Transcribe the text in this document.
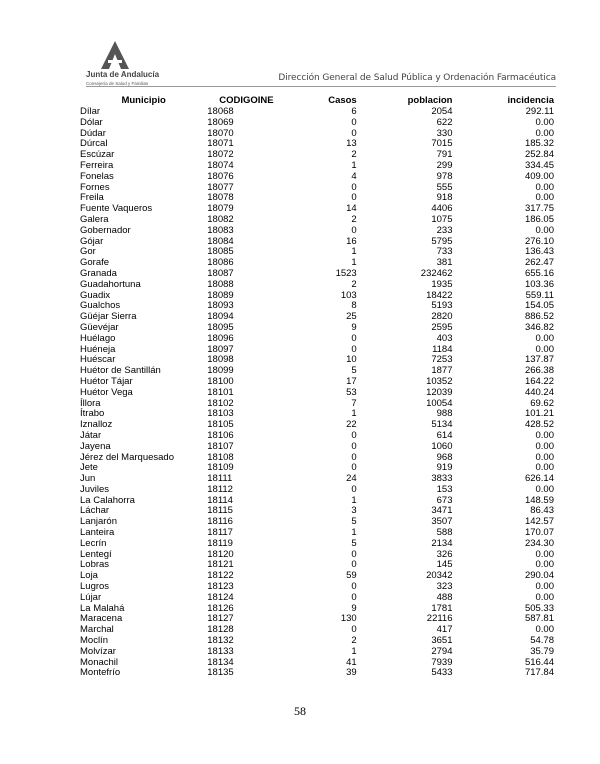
Junta de Andalucía
Consejería de Salud y Familias
Dirección General de Salud Pública y Ordenación Farmacéutica
Municipio	CODIGOINE	Casos	poblacion	incidencia
Dílar	18068	6	2054	292.11
Dólar	18069	0	622	0.00
Dúdar	18070	0	330	0.00
Dúrcal	18071	13	7015	185.32
Escúzar	18072	2	791	252.84
Ferreira	18074	1	299	334.45
Fonelas	18076	4	978	409.00
Fornes	18077	0	555	0.00
Freila	18078	0	918	0.00
Fuente Vaqueros	18079	14	4406	317.75
Galera	18082	2	1075	186.05
Gobernador	18083	0	233	0.00
Gójar	18084	16	5795	276.10
Gor	18085	1	733	136.43
Gorafe	18086	1	381	262.47
Granada	18087	1523	232462	655.16
Guadahortuna	18088	2	1935	103.36
Guadix	18089	103	18422	559.11
Gualchos	18093	8	5193	154.05
Güéjar Sierra	18094	25	2820	886.52
Güevéjar	18095	9	2595	346.82
Huélago	18096	0	403	0.00
Huéneja	18097	0	1184	0.00
Huéscar	18098	10	7253	137.87
Huétor de Santillán	18099	5	1877	266.38
Huétor Tájar	18100	17	10352	164.22
Huétor Vega	18101	53	12039	440.24
Íllora	18102	7	10054	69.62
Ítrabo	18103	1	988	101.21
Iznalloz	18105	22	5134	428.52
Játar	18106	0	614	0.00
Jayena	18107	0	1060	0.00
Jérez del Marquesado	18108	0	968	0.00
Jete	18109	0	919	0.00
Jun	18111	24	3833	626.14
Juviles	18112	0	153	0.00
La Calahorra	18114	1	673	148.59
Láchar	18115	3	3471	86.43
Lanjarón	18116	5	3507	142.57
Lanteira	18117	1	588	170.07
Lecrín	18119	5	2134	234.30
Lentegí	18120	0	326	0.00
Lobras	18121	0	145	0.00
Loja	18122	59	20342	290.04
Lugros	18123	0	323	0.00
Lújar	18124	0	488	0.00
La Malahá	18126	9	1781	505.33
Maracena	18127	130	22116	587.81
Marchal	18128	0	417	0.00
Moclín	18132	2	3651	54.78
Molvízar	18133	1	2794	35.79
Monachil	18134	41	7939	516.44
Montefrío	18135	39	5433	717.84
58
